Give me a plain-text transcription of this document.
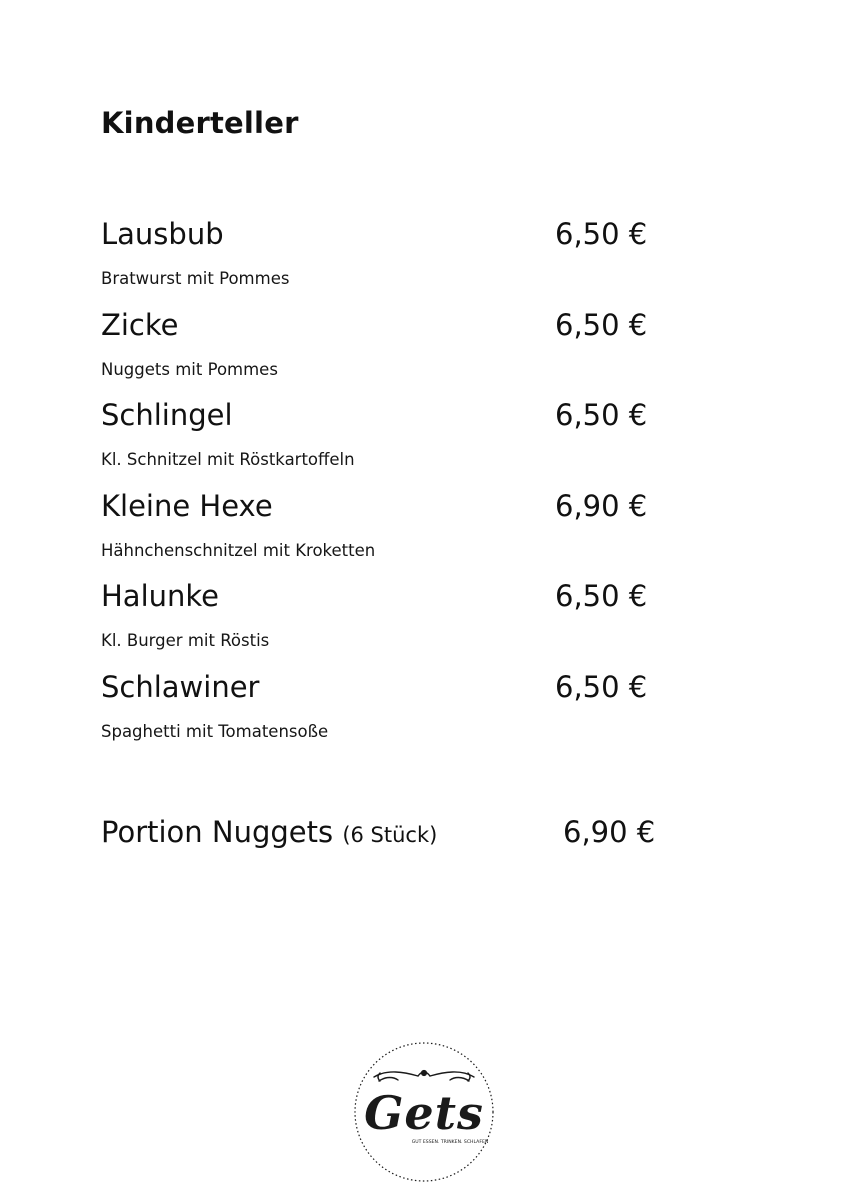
Kinderteller
Lausbub	6,50 €
Bratwurst mit Pommes
Zicke	6,50 €
Nuggets mit Pommes
Schlingel	6,50 €
Kl. Schnitzel mit Röstkartoffeln
Kleine Hexe	6,90 €
Hähnchenschnitzel mit Kroketten
Halunke	6,50 €
Kl. Burger mit Röstis
Schlawiner	6,50 €
Spaghetti mit Tomatensoße
Portion Nuggets (6 Stück)	6,90 €
Gets
GUT ESSEN. TRINKEN. SCHLAFEN
